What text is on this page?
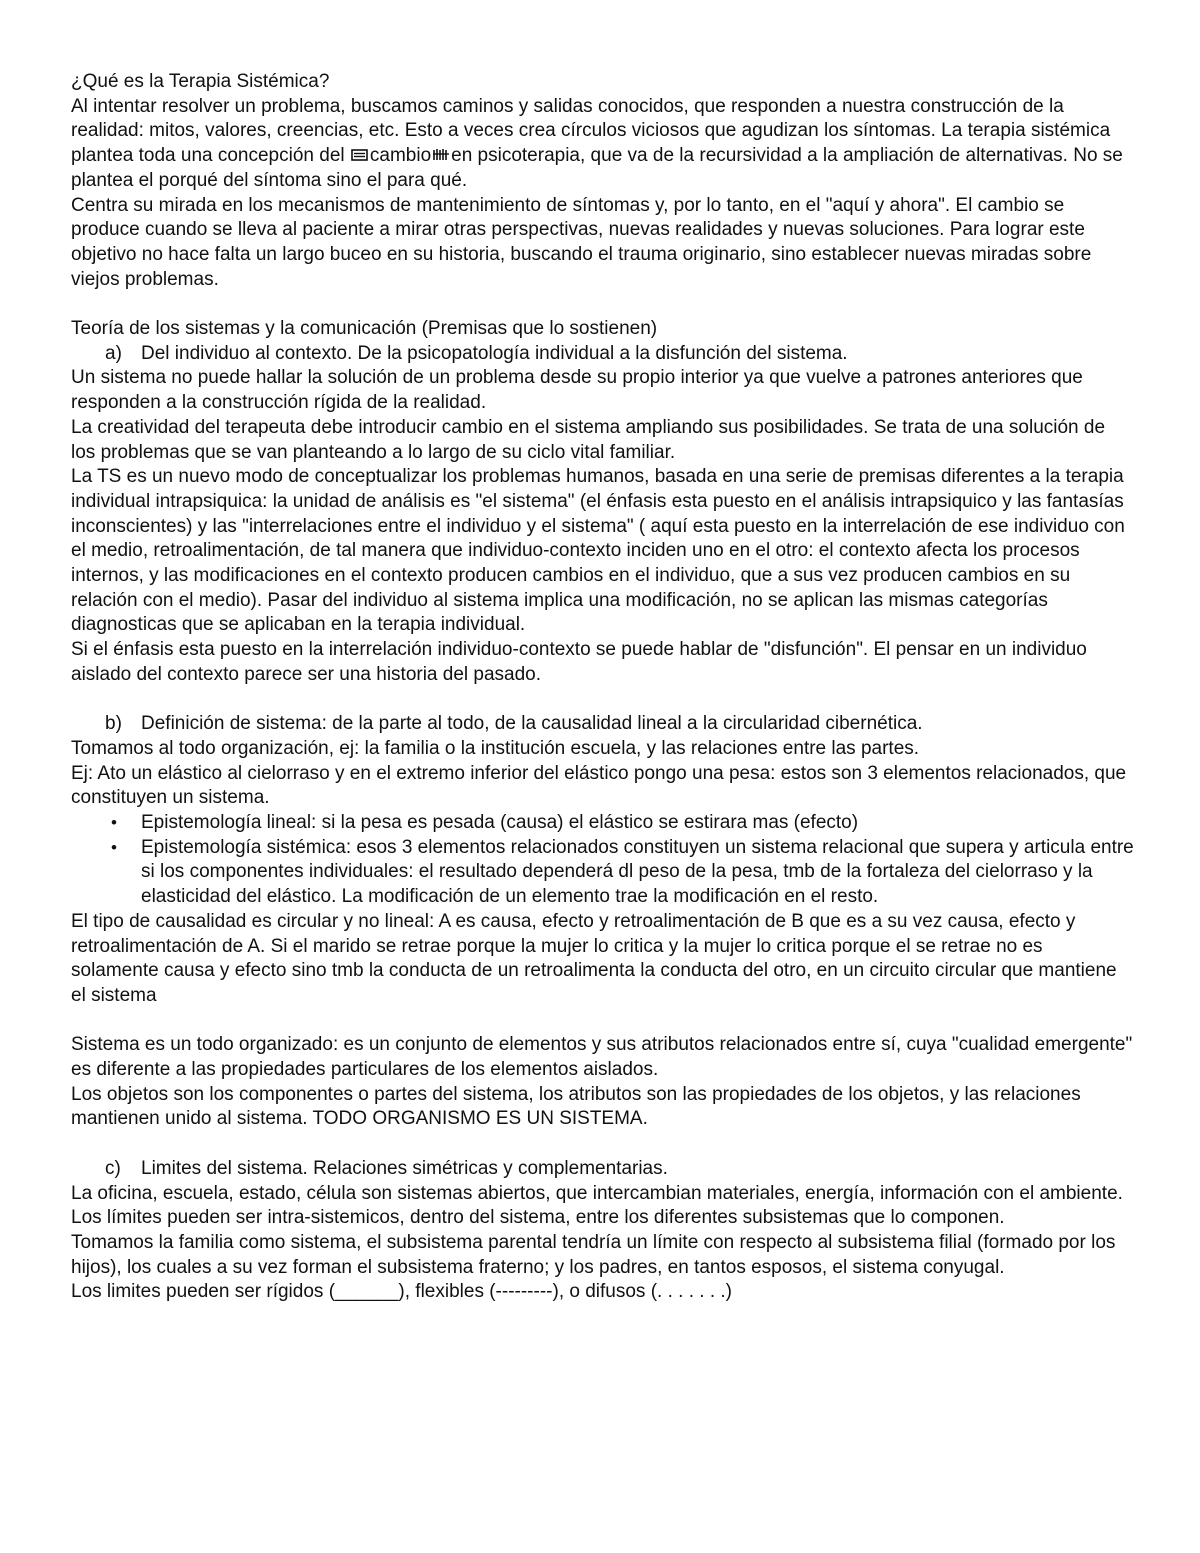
¿Qué es la Terapia Sistémica?

Al intentar resolver un problema, buscamos caminos y salidas conocidos, que responden a nuestra construcción de la realidad: mitos, valores, creencias, etc. Esto a veces crea círculos viciosos que agudizan los síntomas. La terapia sistémica plantea toda una concepción del cambio en psicoterapia, que va de la recursividad a la ampliación de alternativas. No se plantea el porqué del síntoma sino el para qué.

Centra su mirada en los mecanismos de mantenimiento de síntomas y, por lo tanto, en el "aquí y ahora". El cambio se produce cuando se lleva al paciente a mirar otras perspectivas, nuevas realidades y nuevas soluciones. Para lograr este objetivo no hace falta un largo buceo en su historia, buscando el trauma originario, sino establecer nuevas miradas sobre viejos problemas.

Teoría de los sistemas y la comunicación (Premisas que lo sostienen)

a) Del individuo al contexto. De la psicopatología individual a la disfunción del sistema.

Un sistema no puede hallar la solución de un problema desde su propio interior ya que vuelve a patrones anteriores que responden a la construcción rígida de la realidad.

La creatividad del terapeuta debe introducir cambio en el sistema ampliando sus posibilidades. Se trata de una solución de los problemas que se van planteando a lo largo de su ciclo vital familiar.

La TS es un nuevo modo de conceptualizar los problemas humanos, basada en una serie de premisas diferentes a la terapia individual intrapsiquica: la unidad de análisis es "el sistema" (el énfasis esta puesto en el análisis intrapsiquico y las fantasías inconscientes) y las "interrelaciones entre el individuo y el sistema" ( aquí esta puesto en la interrelación de ese individuo con el medio, retroalimentación, de tal manera que individuo-contexto inciden uno en el otro: el contexto afecta los procesos internos, y las modificaciones en el contexto producen cambios en el individuo, que a sus vez producen cambios en su relación con el medio). Pasar del individuo al sistema implica una modificación, no se aplican las mismas categorías diagnosticas que se aplicaban en la terapia individual.

Si el énfasis esta puesto en la interrelación individuo-contexto se puede hablar de "disfunción". El pensar en un individuo aislado del contexto parece ser una historia del pasado.

b) Definición de sistema: de la parte al todo, de la causalidad lineal a la circularidad cibernética.

Tomamos al todo organización, ej: la familia o la institución escuela, y las relaciones entre las partes.

Ej: Ato un elástico al cielorraso y en el extremo inferior del elástico pongo una pesa: estos son 3 elementos relacionados, que constituyen un sistema.

• Epistemología lineal: si la pesa es pesada (causa) el elástico se estirara mas (efecto)

• Epistemología sistémica: esos 3 elementos relacionados constituyen un sistema relacional que supera y articula entre si los componentes individuales: el resultado dependerá dl peso de la pesa, tmb de la fortaleza del cielorraso y la elasticidad del elástico. La modificación de un elemento trae la modificación en el resto.

El tipo de causalidad es circular y no lineal: A es causa, efecto y retroalimentación de B que es a su vez causa, efecto y retroalimentación de A. Si el marido se retrae porque la mujer lo critica y la mujer lo critica porque el se retrae no es solamente causa y efecto sino tmb la conducta de un retroalimenta la conducta del otro, en un circuito circular que mantiene el sistema

Sistema es un todo organizado: es un conjunto de elementos y sus atributos relacionados entre sí, cuya "cualidad emergente" es diferente a las propiedades particulares de los elementos aislados.

Los objetos son los componentes o partes del sistema, los atributos son las propiedades de los objetos, y las relaciones mantienen unido al sistema. TODO ORGANISMO ES UN SISTEMA.

c) Limites del sistema. Relaciones simétricas y complementarias.

La oficina, escuela, estado, célula son sistemas abiertos, que intercambian materiales, energía, información con el ambiente. Los límites pueden ser intra-sistemicos, dentro del sistema, entre los diferentes subsistemas que lo componen.

Tomamos la familia como sistema, el subsistema parental tendría un límite con respecto al subsistema filial (formado por los hijos), los cuales a su vez forman el subsistema fraterno; y los padres, en tantos esposos, el sistema conyugal.

Los limites pueden ser rígidos (______), flexibles (---------), o difusos (. . . . . . .)
